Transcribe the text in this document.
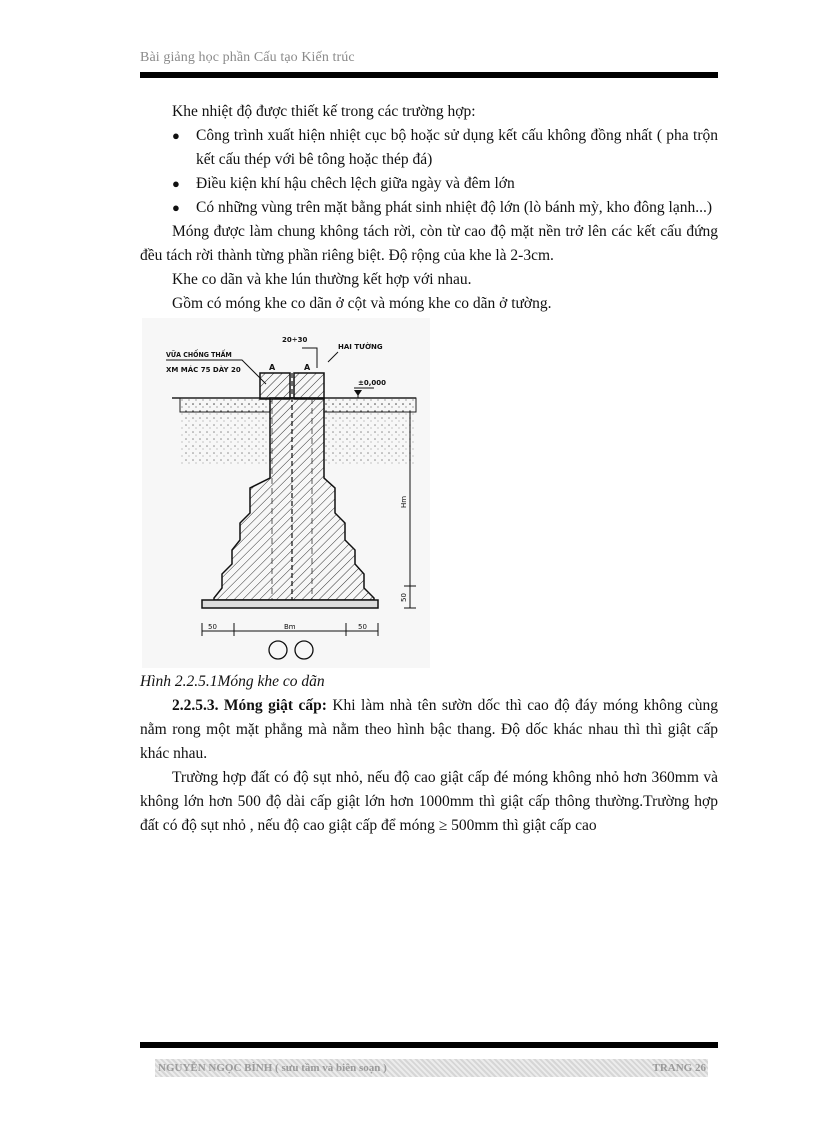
Bài giảng học phần Cấu tạo Kiến trúc

Khe nhiệt độ được thiết kế trong các trường hợp:

● Công trình xuất hiện nhiệt cục bộ hoặc sử dụng kết cấu không đồng nhất ( pha trộn kết cấu thép với bê tông hoặc thép đá)
● Điều kiện khí hậu chêch lệch giữa ngày và đêm lớn
● Có những vùng trên mặt bằng phát sinh nhiệt độ lớn (lò bánh mỳ, kho đông lạnh...)

Móng được làm chung không tách rời, còn từ cao độ mặt nền trở lên các kết cấu đứng đều tách rời thành từng phần riêng biệt. Độ rộng của khe là 2-3cm.

Khe co dãn và khe lún thường kết hợp với nhau.

Gồm có móng khe co dãn ở cột và móng khe co dãn ở tường.

VỮA CHỐNG THẤM
XM MÁC 75 DÀY 20
20÷30
HAI TƯỜNG
±0,000
A	A
Hm
50
50	Bm	50

Hình 2.2.5.1Móng khe co dãn

2.2.5.3. Móng giật cấp: Khi làm nhà tên sườn dốc thì cao độ đáy móng không cùng nằm rong một mặt phẳng mà nằm theo hình bậc thang. Độ dốc khác nhau thì thì giật cấp khác nhau.

Trường hợp đất có độ sụt nhỏ, nếu độ cao giật cấp đé móng không nhỏ hơn 360mm và không lớn hơn 500 độ dài cấp giật lớn hơn 1000mm thì giật cấp thông thường.Trường hợp đất có độ sụt nhỏ , nếu độ cao giật cấp để móng ≥ 500mm thì giật cấp cao

NGUYỄN NGỌC BÌNH ( sưu tầm và biên soạn )	TRANG 26
